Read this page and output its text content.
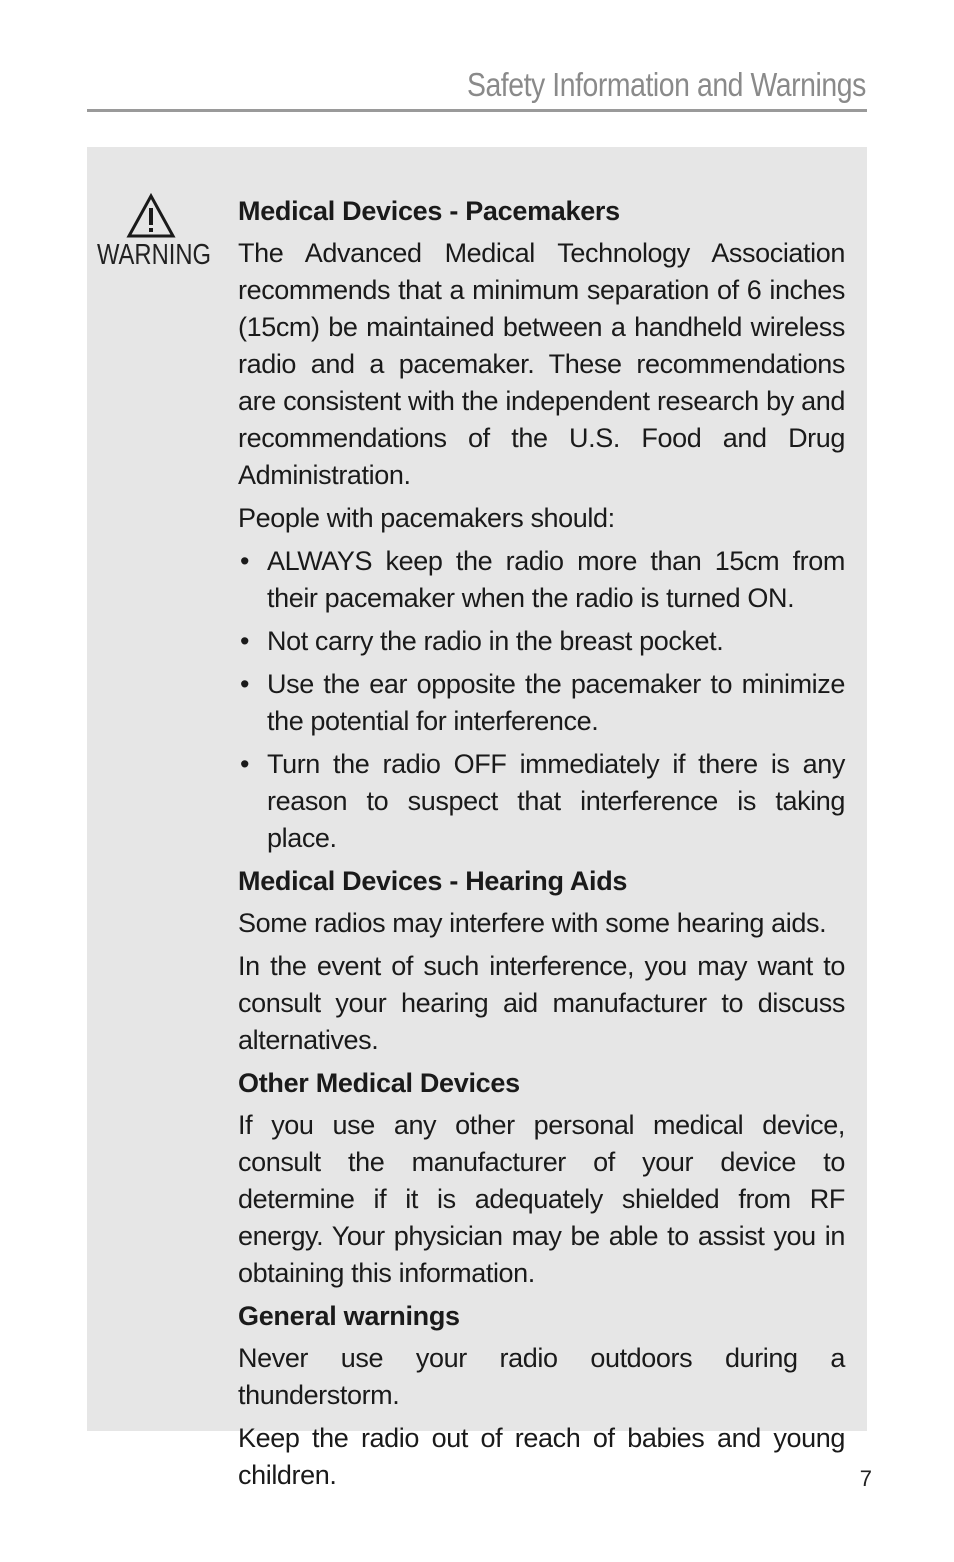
Safety Information and Warnings
WARNING
Medical Devices - Pacemakers

The Advanced Medical Technology Association recommends that a minimum separation of 6 inches (15cm) be maintained between a handheld wireless radio and a pacemaker. These recommendations are consistent with the independent research by and recommendations of the U.S. Food and Drug Administration.

People with pacemakers should:

• ALWAYS keep the radio more than 15cm from their pacemaker when the radio is turned ON.
• Not carry the radio in the breast pocket.
• Use the ear opposite the pacemaker to minimize the potential for interference.
• Turn the radio OFF immediately if there is any reason to suspect that interference is taking place.
Medical Devices - Hearing Aids

Some radios may interfere with some hearing aids.

In the event of such interference, you may want to consult your hearing aid manufacturer to discuss alternatives.

Other Medical Devices

If you use any other personal medical device, consult the manufacturer of your device to determine if it is adequately shielded from RF energy. Your physician may be able to assist you in obtaining this information.

General warnings

Never use your radio outdoors during a thunderstorm.

Keep the radio out of reach of babies and young children.	7
